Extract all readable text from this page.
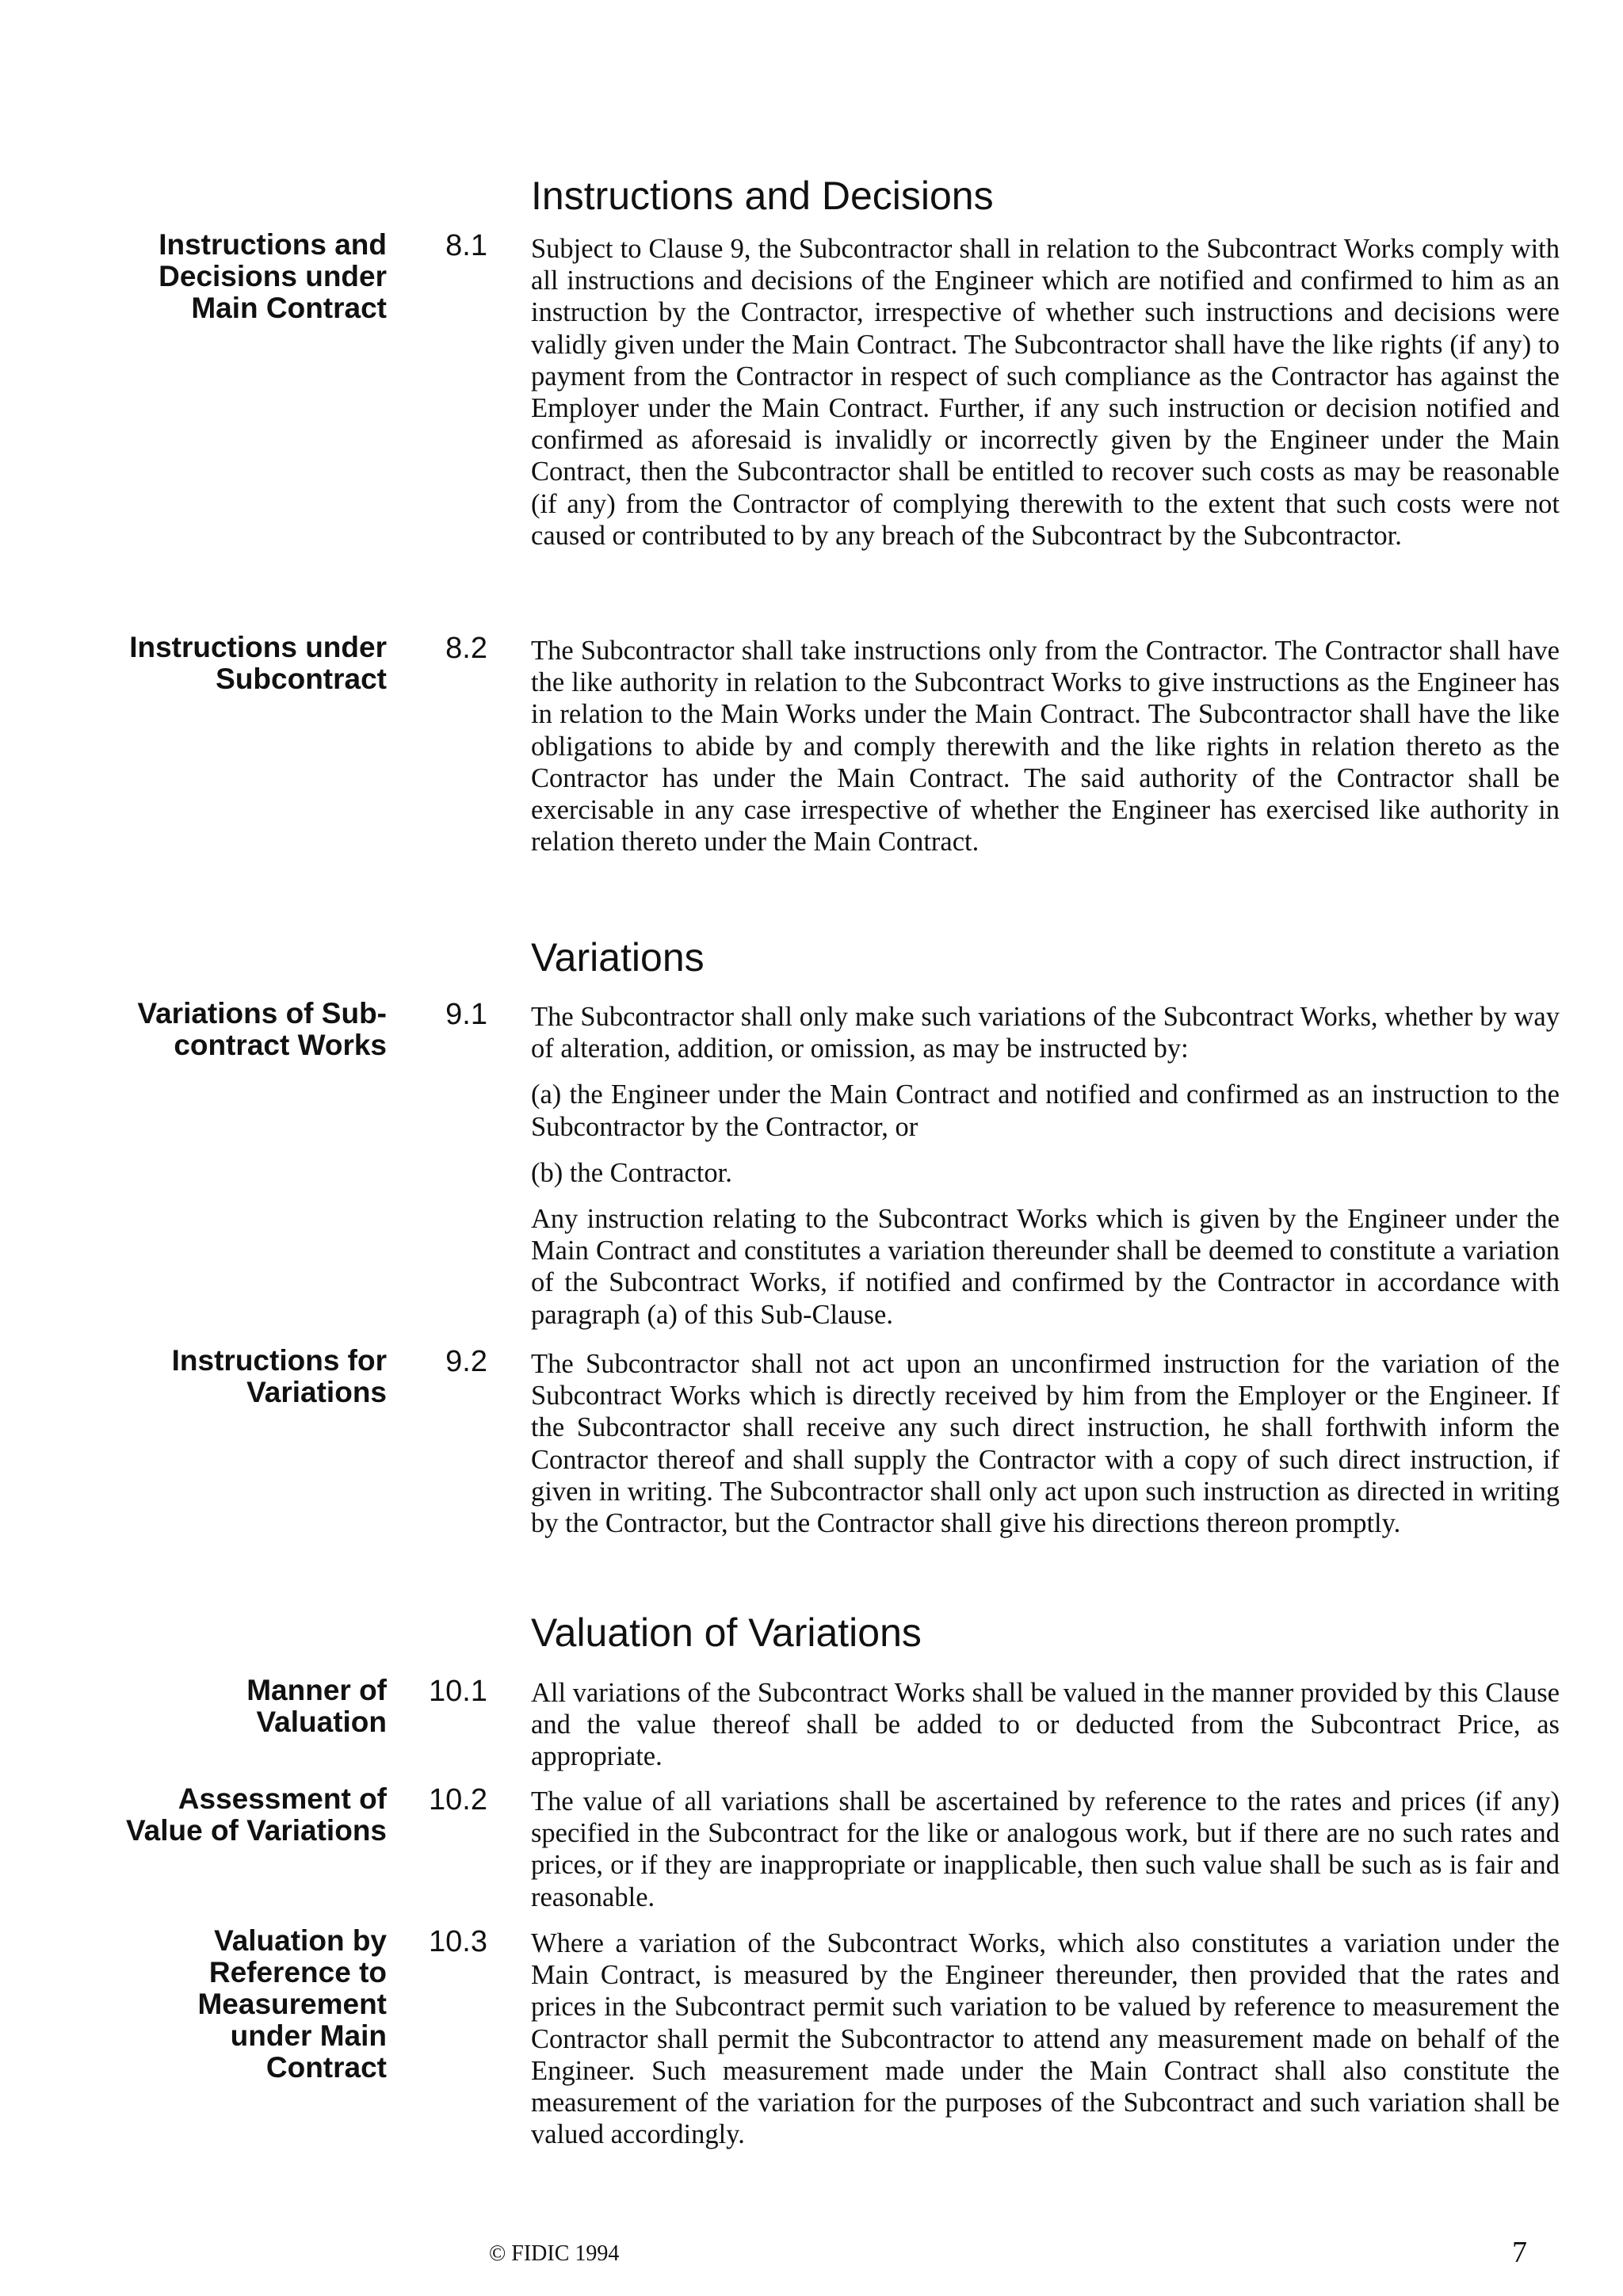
Instructions and Decisions
Instructions and
Decisions under
Main Contract
8.1 Subject to Clause 9, the Subcontractor shall in relation to the Subcontract Works comply with all instructions and decisions of the Engineer which are notified and confirmed to him as an instruction by the Contractor, irrespective of whether such instructions and decisions were validly given under the Main Contract. The Subcontractor shall have the like rights (if any) to payment from the Contractor in respect of such compliance as the Contractor has against the Employer under the Main Contract. Further, if any such instruction or decision notified and confirmed as aforesaid is invalidly or incorrectly given by the Engineer under the Main Contract, then the Subcontractor shall be entitled to recover such costs as may be reasonable (if any) from the Contractor of complying therewith to the extent that such costs were not caused or contributed to by any breach of the Subcontract by the Subcontractor.

Instructions under
Subcontract
8.2 The Subcontractor shall take instructions only from the Contractor. The Contractor shall have the like authority in relation to the Subcontract Works to give instructions as the Engineer has in relation to the Main Works under the Main Contract. The Subcontractor shall have the like obligations to abide by and comply therewith and the like rights in relation thereto as the Contractor has under the Main Contract. The said authority of the Contractor shall be exercisable in any case irrespective of whether the Engineer has exercised like authority in relation thereto under the Main Contract.

Variations
Variations of Sub-
contract Works
9.1 The Subcontractor shall only make such variations of the Subcontract Works, whether by way of alteration, addition, or omission, as may be instructed by:

(a) the Engineer under the Main Contract and notified and confirmed as an instruction to the Subcontractor by the Contractor, or

(b) the Contractor.

Any instruction relating to the Subcontract Works which is given by the Engineer under the Main Contract and constitutes a variation thereunder shall be deemed to constitute a variation of the Subcontract Works, if notified and confirmed by the Contractor in accordance with paragraph (a) of this Sub-Clause.

Instructions for
Variations
9.2 The Subcontractor shall not act upon an unconfirmed instruction for the variation of the Subcontract Works which is directly received by him from the Employer or the Engineer. If the Subcontractor shall receive any such direct instruction, he shall forthwith inform the Contractor thereof and shall supply the Contractor with a copy of such direct instruction, if given in writing. The Subcontractor shall only act upon such instruction as directed in writing by the Contractor, but the Contractor shall give his directions thereon promptly.

Valuation of Variations
Manner of
Valuation
10.1 All variations of the Subcontract Works shall be valued in the manner provided by this Clause and the value thereof shall be added to or deducted from the Subcontract Price, as appropriate.

Assessment of
Value of Variations
10.2 The value of all variations shall be ascertained by reference to the rates and prices (if any) specified in the Subcontract for the like or analogous work, but if there are no such rates and prices, or if they are inappropriate or inapplicable, then such value shall be such as is fair and reasonable.

Valuation by
Reference to
Measurement
under Main
Contract
10.3 Where a variation of the Subcontract Works, which also constitutes a variation under the Main Contract, is measured by the Engineer thereunder, then provided that the rates and prices in the Subcontract permit such variation to be valued by reference to measurement the Contractor shall permit the Subcontractor to attend any measurement made on behalf of the Engineer. Such measurement made under the Main Contract shall also constitute the measurement of the variation for the purposes of the Subcontract and such variation shall be valued accordingly.

© FIDIC 1994	7
